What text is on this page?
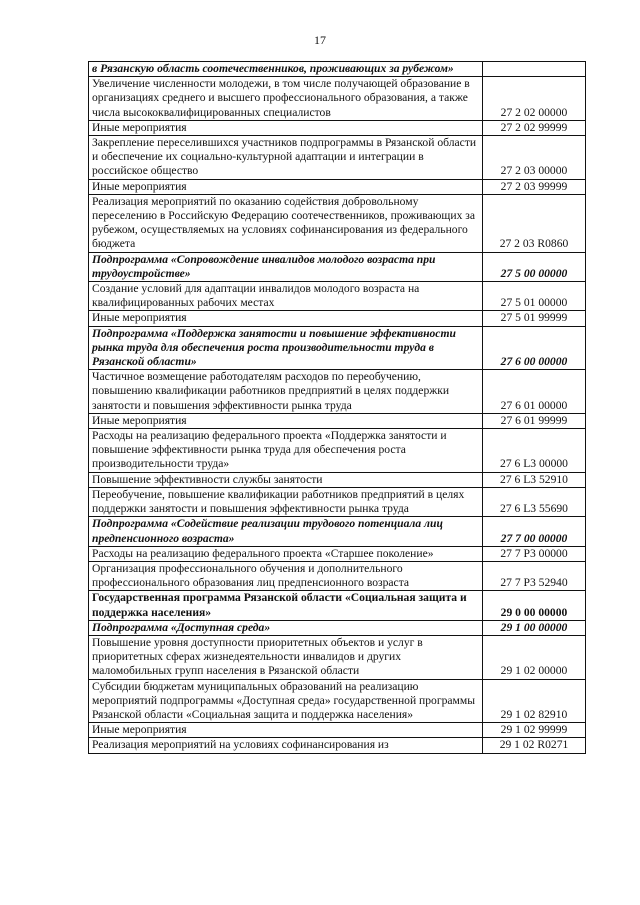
17
в Рязанскую область соотечественников, проживающих за рубежом»	
Увеличение численности молодежи, в том числе получающей образование в организациях среднего и высшего профессионального образования, а также числа высококвалифицированных специалистов	27 2 02 00000
Иные мероприятия	27 2 02 99999
Закрепление переселившихся участников подпрограммы в Рязанской области и обеспечение их социально-культурной адаптации и интеграции в российское общество	27 2 03 00000
Иные мероприятия	27 2 03 99999
Реализация мероприятий по оказанию содействия добровольному переселению в Российскую Федерацию соотечественников, проживающих за рубежом, осуществляемых на условиях софинансирования из федерального бюджета	27 2 03 R0860
Подпрограмма «Сопровождение инвалидов молодого возраста при трудоустройстве»	27 5 00 00000
Создание условий для адаптации инвалидов молодого возраста на квалифицированных рабочих местах	27 5 01 00000
Иные мероприятия	27 5 01 99999
Подпрограмма «Поддержка занятости и повышение эффективности рынка труда для обеспечения роста производительности труда в Рязанской области»	27 6 00 00000
Частичное возмещение работодателям расходов по переобучению, повышению квалификации работников предприятий в целях поддержки занятости и повышения эффективности рынка труда	27 6 01 00000
Иные мероприятия	27 6 01 99999
Расходы на реализацию федерального проекта «Поддержка занятости и повышение эффективности рынка труда для обеспечения роста производительности труда»	27 6 L3 00000
Повышение эффективности службы занятости	27 6 L3 52910
Переобучение, повышение квалификации работников предприятий в целях поддержки занятости и повышения эффективности рынка труда	27 6 L3 55690
Подпрограмма «Содействие реализации трудового потенциала лиц предпенсионного возраста»	27 7 00 00000
Расходы на реализацию федерального проекта «Старшее поколение»	27 7 P3 00000
Организация профессионального обучения и дополнительного профессионального образования лиц предпенсионного возраста	27 7 P3 52940
Государственная программа Рязанской области «Социальная защита и поддержка населения»	29 0 00 00000
Подпрограмма «Доступная среда»	29 1 00 00000
Повышение уровня доступности приоритетных объектов и услуг в приоритетных сферах жизнедеятельности инвалидов и других маломобильных групп населения в Рязанской области	29 1 02 00000
Субсидии бюджетам муниципальных образований на реализацию мероприятий подпрограммы «Доступная среда» государственной программы Рязанской области «Социальная защита и поддержка населения»	29 1 02 82910
Иные мероприятия	29 1 02 99999
Реализация мероприятий на условиях софинансирования из	29 1 02 R0271
